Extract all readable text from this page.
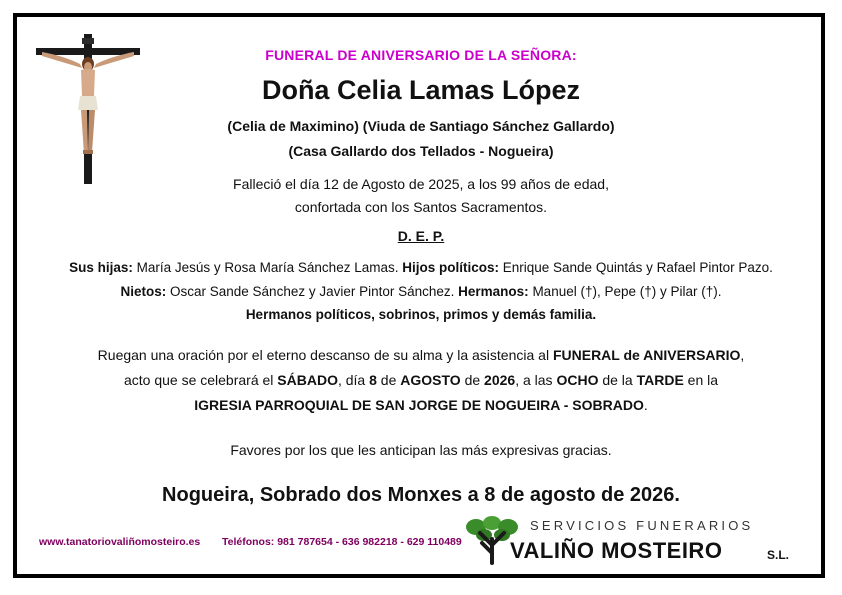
FUNERAL DE ANIVERSARIO DE LA SEÑORA:
Doña Celia Lamas López
(Celia de Maximino) (Viuda de Santiago Sánchez Gallardo)
(Casa Gallardo dos Tellados - Nogueira)
Falleció el día 12 de Agosto de 2025, a los 99 años de edad,
confortada con los Santos Sacramentos.
D. E. P.
Sus hijas: María Jesús y Rosa María Sánchez Lamas. Hijos políticos: Enrique Sande Quintás y Rafael Pintor Pazo.
Nietos: Oscar Sande Sánchez y Javier Pintor Sánchez. Hermanos: Manuel (†), Pepe (†) y Pilar (†).
Hermanos políticos, sobrinos, primos y demás familia.
Ruegan una oración por el eterno descanso de su alma y la asistencia al FUNERAL de ANIVERSARIO,
acto que se celebrará el SÁBADO, día 8 de AGOSTO de 2026, a las OCHO de la TARDE en la
IGRESIA PARROQUIAL DE SAN JORGE DE NOGUEIRA - SOBRADO.
Favores por los que les anticipan las más expresivas gracias.
Nogueira, Sobrado dos Monxes a 8 de agosto de 2026.
www.tanatoriovaliñomosteiro.es Teléfonos: 981 787654 - 636 982218 - 629 110489
SERVICIOS FUNERARIOS
VALIÑO MOSTEIRO	S.L.
